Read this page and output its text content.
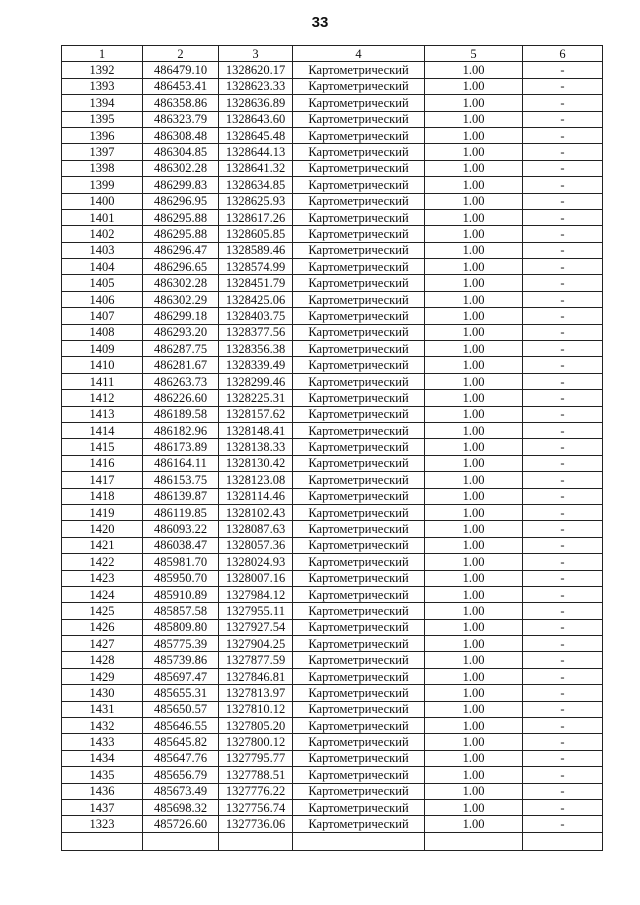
33
1	2	3	4	5	6
1392	486479.10	1328620.17	Картометрический	1.00	-
1393	486453.41	1328623.33	Картометрический	1.00	-
1394	486358.86	1328636.89	Картометрический	1.00	-
1395	486323.79	1328643.60	Картометрический	1.00	-
1396	486308.48	1328645.48	Картометрический	1.00	-
1397	486304.85	1328644.13	Картометрический	1.00	-
1398	486302.28	1328641.32	Картометрический	1.00	-
1399	486299.83	1328634.85	Картометрический	1.00	-
1400	486296.95	1328625.93	Картометрический	1.00	-
1401	486295.88	1328617.26	Картометрический	1.00	-
1402	486295.88	1328605.85	Картометрический	1.00	-
1403	486296.47	1328589.46	Картометрический	1.00	-
1404	486296.65	1328574.99	Картометрический	1.00	-
1405	486302.28	1328451.79	Картометрический	1.00	-
1406	486302.29	1328425.06	Картометрический	1.00	-
1407	486299.18	1328403.75	Картометрический	1.00	-
1408	486293.20	1328377.56	Картометрический	1.00	-
1409	486287.75	1328356.38	Картометрический	1.00	-
1410	486281.67	1328339.49	Картометрический	1.00	-
1411	486263.73	1328299.46	Картометрический	1.00	-
1412	486226.60	1328225.31	Картометрический	1.00	-
1413	486189.58	1328157.62	Картометрический	1.00	-
1414	486182.96	1328148.41	Картометрический	1.00	-
1415	486173.89	1328138.33	Картометрический	1.00	-
1416	486164.11	1328130.42	Картометрический	1.00	-
1417	486153.75	1328123.08	Картометрический	1.00	-
1418	486139.87	1328114.46	Картометрический	1.00	-
1419	486119.85	1328102.43	Картометрический	1.00	-
1420	486093.22	1328087.63	Картометрический	1.00	-
1421	486038.47	1328057.36	Картометрический	1.00	-
1422	485981.70	1328024.93	Картометрический	1.00	-
1423	485950.70	1328007.16	Картометрический	1.00	-
1424	485910.89	1327984.12	Картометрический	1.00	-
1425	485857.58	1327955.11	Картометрический	1.00	-
1426	485809.80	1327927.54	Картометрический	1.00	-
1427	485775.39	1327904.25	Картометрический	1.00	-
1428	485739.86	1327877.59	Картометрический	1.00	-
1429	485697.47	1327846.81	Картометрический	1.00	-
1430	485655.31	1327813.97	Картометрический	1.00	-
1431	485650.57	1327810.12	Картометрический	1.00	-
1432	485646.55	1327805.20	Картометрический	1.00	-
1433	485645.82	1327800.12	Картометрический	1.00	-
1434	485647.76	1327795.77	Картометрический	1.00	-
1435	485656.79	1327788.51	Картометрический	1.00	-
1436	485673.49	1327776.22	Картометрический	1.00	-
1437	485698.32	1327756.74	Картометрический	1.00	-
1323	485726.60	1327736.06	Картометрический	1.00	-
